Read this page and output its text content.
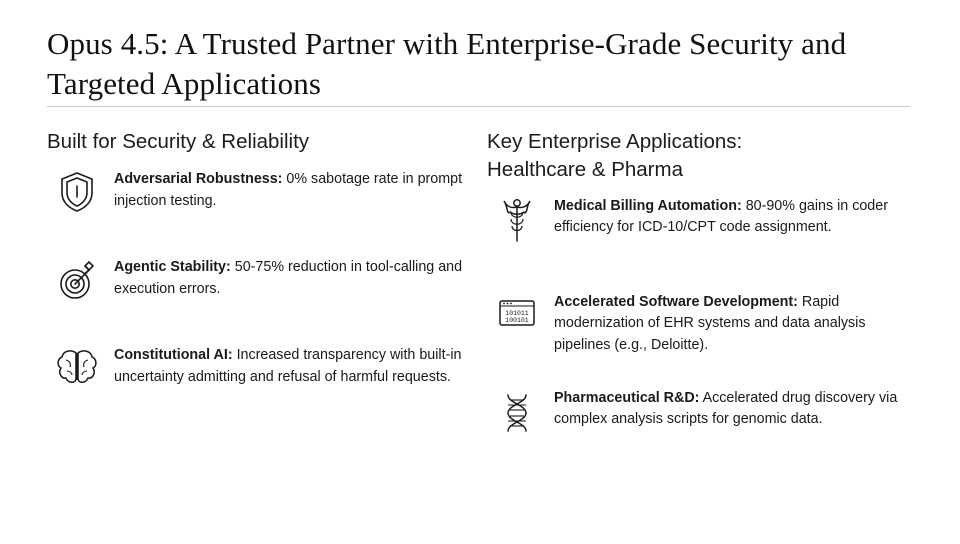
Opus 4.5: A Trusted Partner with Enterprise-Grade Security and Targeted Applications
Built for Security & Reliability
Adversarial Robustness: 0% sabotage rate in prompt injection testing.
Agentic Stability: 50-75% reduction in tool-calling and execution errors.
Constitutional AI: Increased transparency with built-in uncertainty admitting and refusal of harmful requests.
Key Enterprise Applications: Healthcare & Pharma
Medical Billing Automation: 80-90% gains in coder efficiency for ICD-10/CPT code assignment.
101011
100101
Accelerated Software Development: Rapid modernization of EHR systems and data analysis pipelines (e.g., Deloitte).
Pharmaceutical R&D: Accelerated drug discovery via complex analysis scripts for genomic data.
